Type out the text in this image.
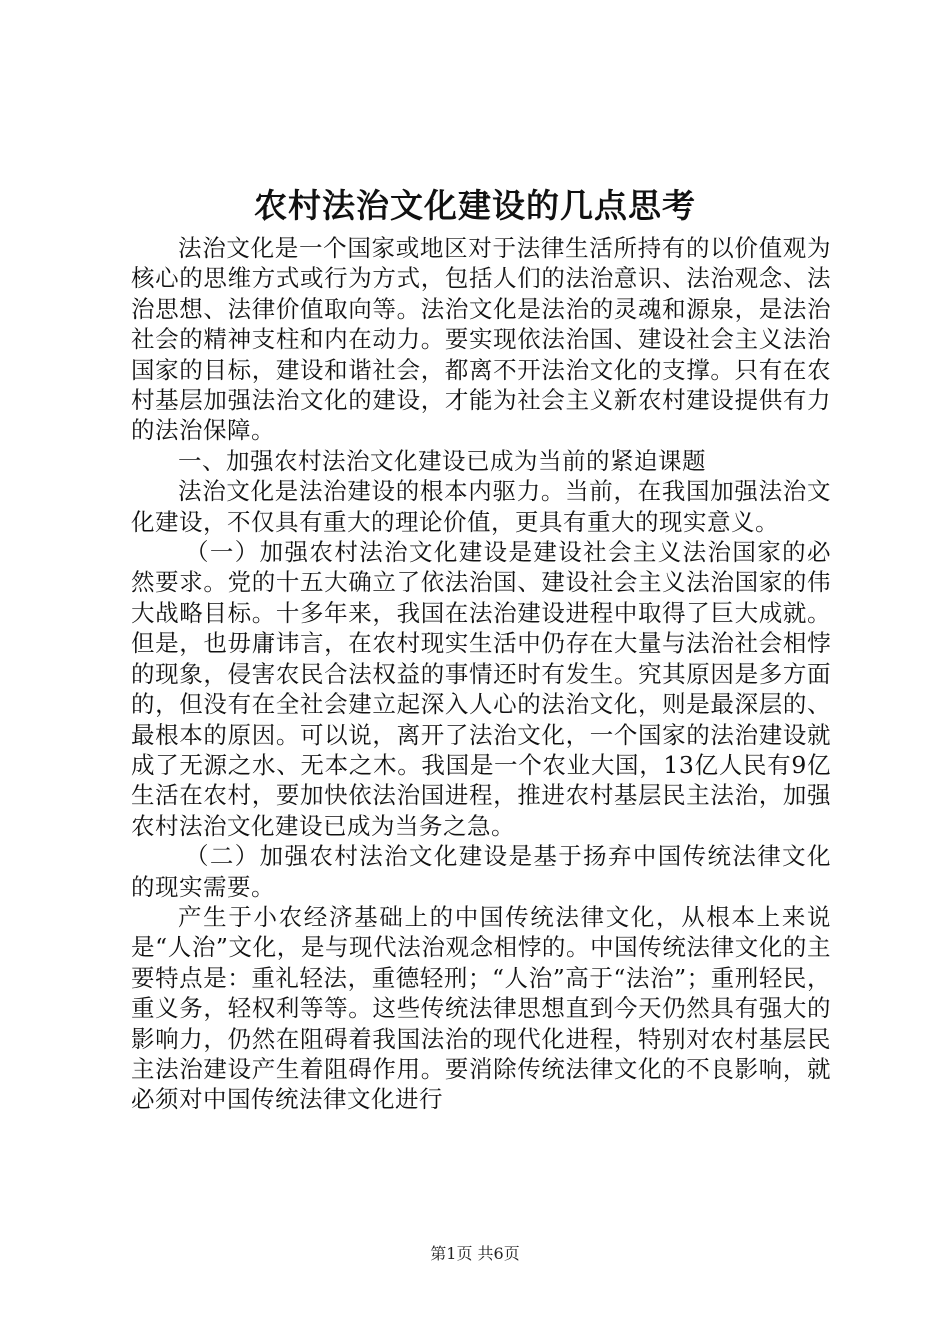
农村法治文化建设的几点思考

法治文化是一个国家或地区对于法律生活所持有的以价值观为核心的思维方式或行为方式，包括人们的法治意识、法治观念、法治思想、法律价值取向等。法治文化是法治的灵魂和源泉，是法治社会的精神支柱和内在动力。要实现依法治国、建设社会主义法治国家的目标，建设和谐社会，都离不开法治文化的支撑。只有在农村基层加强法治文化的建设，才能为社会主义新农村建设提供有力的法治保障。

一、加强农村法治文化建设已成为当前的紧迫课题

法治文化是法治建设的根本内驱力。当前，在我国加强法治文化建设，不仅具有重大的理论价值，更具有重大的现实意义。

（一）加强农村法治文化建设是建设社会主义法治国家的必然要求。党的十五大确立了依法治国、建设社会主义法治国家的伟大战略目标。十多年来，我国在法治建设进程中取得了巨大成就。但是，也毋庸讳言，在农村现实生活中仍存在大量与法治社会相悖的现象，侵害农民合法权益的事情还时有发生。究其原因是多方面的，但没有在全社会建立起深入人心的法治文化，则是最深层的、最根本的原因。可以说，离开了法治文化，一个国家的法治建设就成了无源之水、无本之木。我国是一个农业大国，13亿人民有9亿生活在农村，要加快依法治国进程，推进农村基层民主法治，加强农村法治文化建设已成为当务之急。

（二）加强农村法治文化建设是基于扬弃中国传统法律文化的现实需要。

产生于小农经济基础上的中国传统法律文化，从根本上来说是“人治”文化，是与现代法治观念相悖的。中国传统法律文化的主要特点是：重礼轻法，重德轻刑；“人治”高于“法治”；重刑轻民，重义务，轻权利等等。这些传统法律思想直到今天仍然具有强大的影响力，仍然在阻碍着我国法治的现代化进程，特别对农村基层民主法治建设产生着阻碍作用。要消除传统法律文化的不良影响，就必须对中国传统法律文化进行

第1页 共6页
